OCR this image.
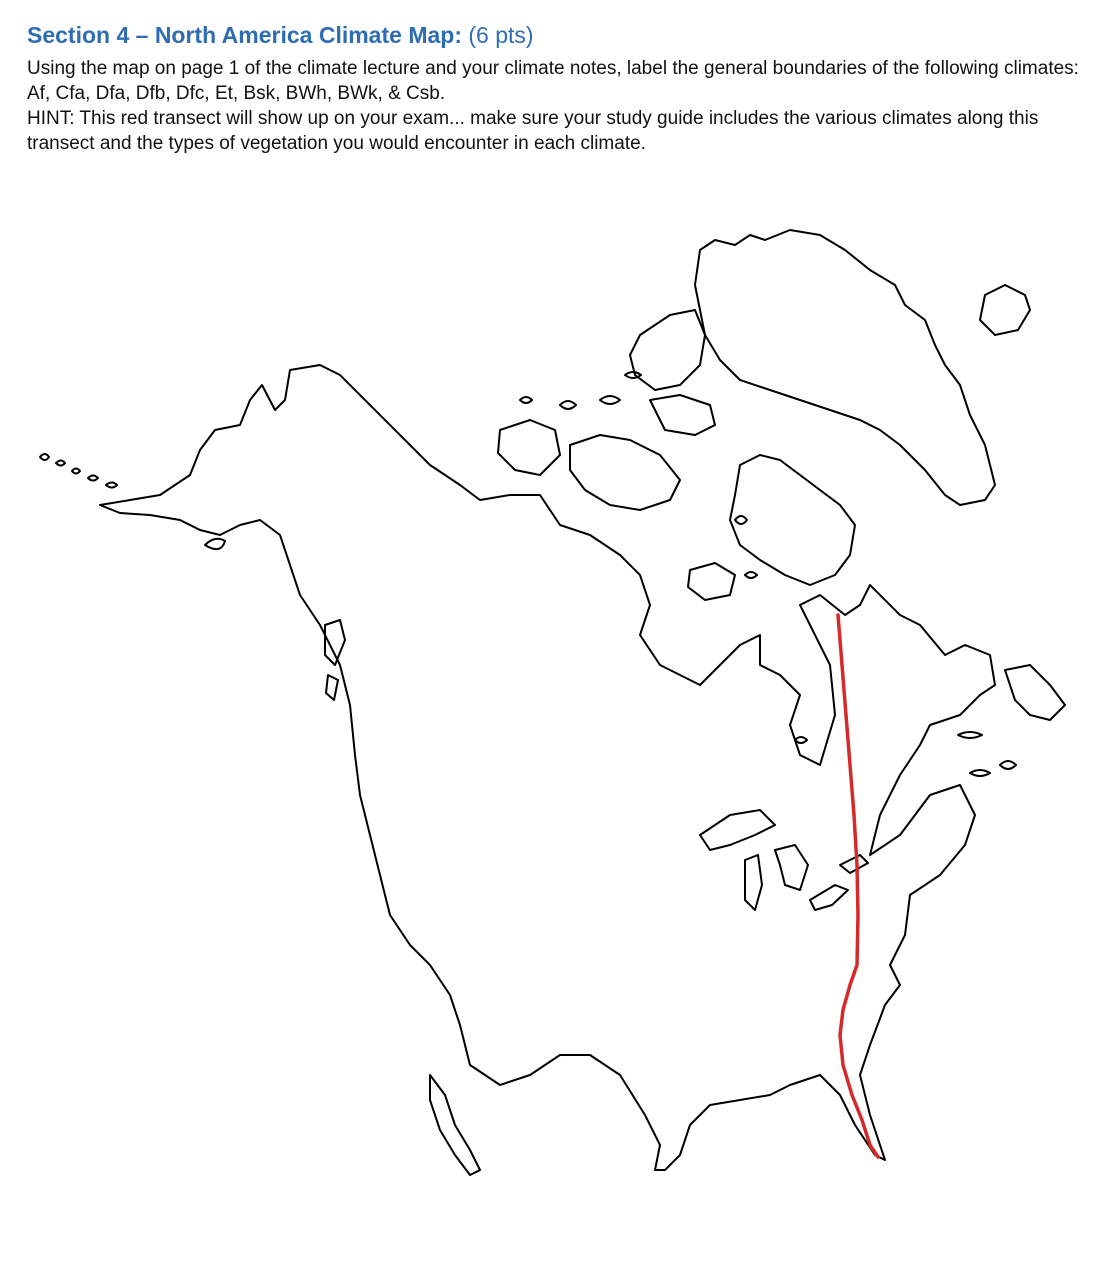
Section 4 – North America Climate Map: (6 pts)

Using the map on page 1 of the climate lecture and your climate notes, label the general boundaries of the following climates: Af, Cfa, Dfa, Dfb, Dfc, Et, Bsk, BWh, BWk, & Csb.

HINT: This red transect will show up on your exam... make sure your study guide includes the various climates along this transect and the types of vegetation you would encounter in each climate.
